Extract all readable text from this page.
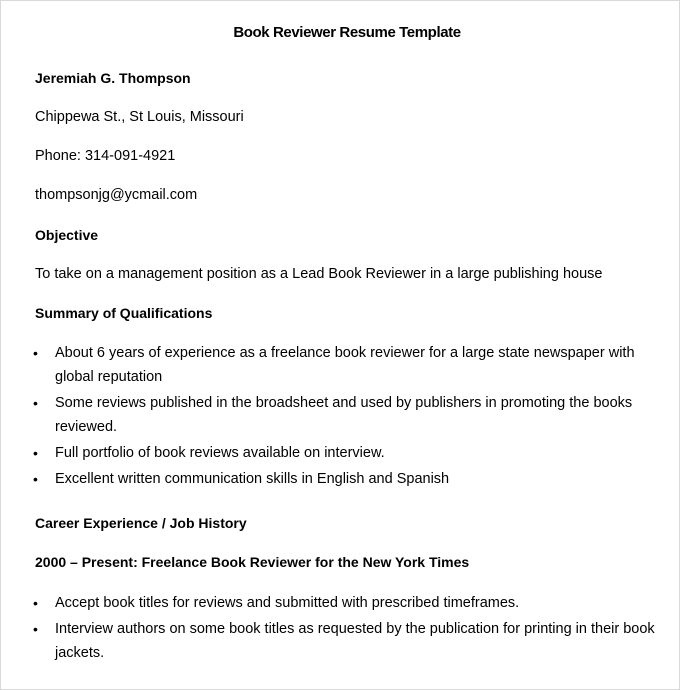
Book Reviewer Resume Template
Jeremiah G. Thompson
Chippewa St., St Louis, Missouri
Phone: 314-091-4921
thompsonjg@ycmail.com
Objective
To take on a management position as a Lead Book Reviewer in a large publishing house
Summary of Qualifications
• About 6 years of experience as a freelance book reviewer for a large state newspaper with global reputation
• Some reviews published in the broadsheet and used by publishers in promoting the books reviewed.
• Full portfolio of book reviews available on interview.
• Excellent written communication skills in English and Spanish
Career Experience / Job History
2000 – Present: Freelance Book Reviewer for the New York Times
• Accept book titles for reviews and submitted with prescribed timeframes.
• Interview authors on some book titles as requested by the publication for printing in their book jackets.
